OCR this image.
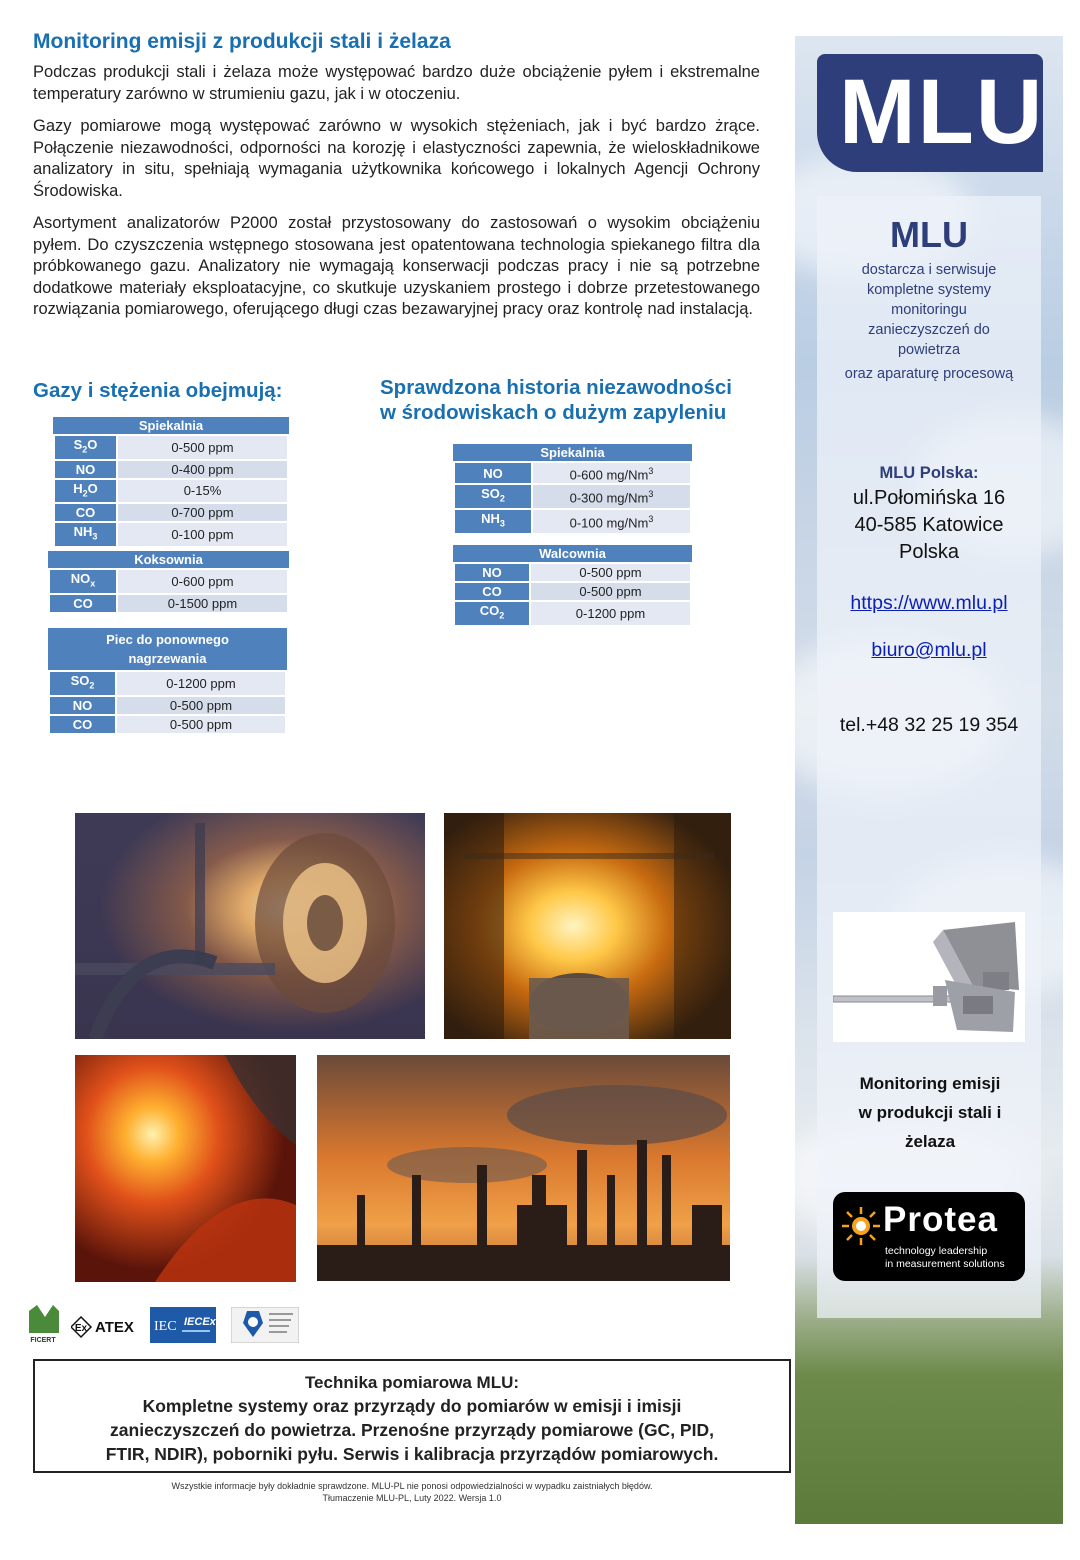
Monitoring emisji z produkcji stali i żelaza

Podczas produkcji stali i żelaza może występować bardzo duże obciążenie pyłem i ekstremalne temperatury zarówno w strumieniu gazu, jak i w otoczeniu.

Gazy pomiarowe mogą występować zarówno w wysokich stężeniach, jak i być bardzo żrące. Połączenie niezawodności, odporności na korozję i elastyczności zapewnia, że wieloskładnikowe analizatory in situ, spełniają wymagania użytkownika końcowego i lokalnych Agencji Ochrony Środowiska.

Asortyment analizatorów P2000 został przystosowany do zastosowań o wysokim obciążeniu pyłem. Do czyszczenia wstępnego stosowana jest opatentowana technologia spiekanego filtra dla próbkowanego gazu. Analizatory nie wymagają konserwacji podczas pracy i nie są potrzebne dodatkowe materiały eksploatacyjne, co skutkuje uzyskaniem prostego i dobrze przetestowanego rozwiązania pomiarowego, oferującego długi czas bezawaryjnej pracy oraz kontrolę nad instalacją.

Gazy i stężenia obejmują:
Spiekalnia
$S_2O$	0-500 ppm
NO	0-400 ppm
$H_2O$	0-15%
CO	0-700 ppm
$NH_3$	0-100 ppm
Koksownia
$NO_x$	0-600 ppm
CO	0-1500 ppm
Piec do ponownego nagrzewania
$SO_2$	0-1200 ppm
NO	0-500 ppm
CO	0-500 ppm
Sprawdzona historia niezawodności
w środowiskach o dużym zapyleniu
Spiekalnia
NO	0-600 mg/Nm$^3$
$SO_2$	0-300 mg/Nm$^3$
$NH_3$	0-100 mg/Nm$^3$
Walcownia
NO	0-500 ppm
CO	0-500 ppm
$CO_2$	0-1200 ppm
FICERT
Ex ATEX IEC IECEx
Technika pomiarowa MLU:
Kompletne systemy oraz przyrządy do pomiarów w emisji i imisji
zanieczyszczeń do powietrza. Przenośne przyrządy pomiarowe (GC, PID,
FTIR, NDIR), poborniki pyłu. Serwis i kalibracja przyrządów pomiarowych.
Wszystkie informacje były dokładnie sprawdzone. MLU-PL nie ponosi odpowiedzialności w wypadku zaistniałych błędów.
Tłumaczenie MLU-PL, Luty 2022. Wersja 1.0
MLU
MLU
dostarcza i serwisuje
kompletne systemy
monitoringu
zanieczyszczeń do
powietrza
oraz aparaturę procesową
MLU Polska:
ul.Połomińska 16
40-585 Katowice
Polska
https://www.mlu.pl
biuro@mlu.pl
tel.+48 32 25 19 354
Monitoring emisji
w produkcji stali i
żelaza
Protea
technology leadership
in measurement solutions
